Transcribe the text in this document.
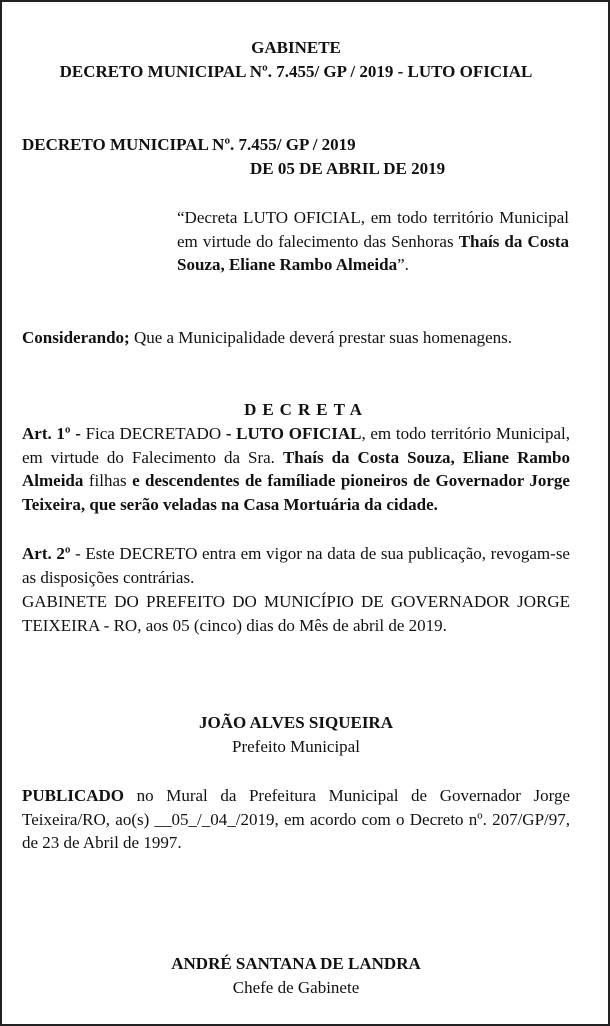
GABINETE
DECRETO MUNICIPAL Nº. 7.455/ GP / 2019 - LUTO OFICIAL
DECRETO MUNICIPAL Nº. 7.455/ GP / 2019
DE 05 DE ABRIL DE 2019
“Decreta LUTO OFICIAL, em todo território Municipal em virtude do falecimento das Senhoras Thaís da Costa Souza, Eliane Rambo Almeida”.
Considerando; Que a Municipalidade deverá prestar suas homenagens.
DECRETA
Art. 1º - Fica DECRETADO - LUTO OFICIAL, em todo território Municipal, em virtude do Falecimento da Sra. Thaís da Costa Souza, Eliane Rambo Almeida filhas e descendentes de famíliade pioneiros de Governador Jorge Teixeira, que serão veladas na Casa Mortuária da cidade.
Art. 2º - Este DECRETO entra em vigor na data de sua publicação, revogam-se as disposições contrárias.
GABINETE DO PREFEITO DO MUNICÍPIO DE GOVERNADOR JORGE TEIXEIRA - RO, aos 05 (cinco) dias do Mês de abril de 2019.
JOÃO ALVES SIQUEIRA
Prefeito Municipal
PUBLICADO no Mural da Prefeitura Municipal de Governador Jorge Teixeira/RO, ao(s) __05_/_04_/2019, em acordo com o Decreto nº. 207/GP/97, de 23 de Abril de 1997.
ANDRÉ SANTANA DE LANDRA
Chefe de Gabinete
